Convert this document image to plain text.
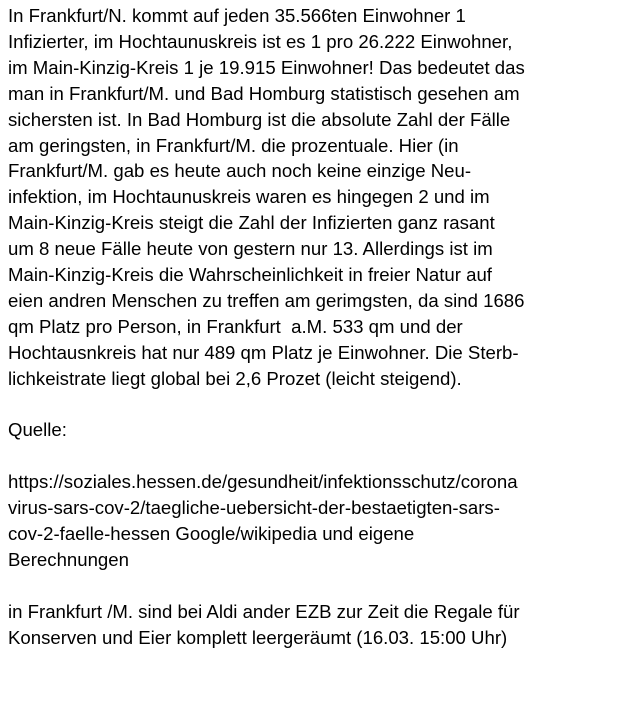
In Frankfurt/N. kommt auf jeden 35.566ten Einwohner 1
Infizierter, im Hochtaunuskreis ist es 1 pro 26.222 Einwohner,
im Main-Kinzig-Kreis 1 je 19.915 Einwohner! Das bedeutet das
man in Frankfurt/M. und Bad Homburg statistisch gesehen am
sichersten ist. In Bad Homburg ist die absolute Zahl der Fälle
am geringsten, in Frankfurt/M. die prozentuale. Hier (in
Frankfurt/M. gab es heute auch noch keine einzige Neu-
infektion, im Hochtaunuskreis waren es hingegen 2 und im
Main-Kinzig-Kreis steigt die Zahl der Infizierten ganz rasant
um 8 neue Fälle heute von gestern nur 13. Allerdings ist im
Main-Kinzig-Kreis die Wahrscheinlichkeit in freier Natur auf
eien andren Menschen zu treffen am gerimgsten, da sind 1686
qm Platz pro Person, in Frankfurt  a.M. 533 qm und der
Hochtausnkreis hat nur 489 qm Platz je Einwohner. Die Sterb-
lichkeistrate liegt global bei 2,6 Prozet (leicht steigend).
Quelle:
https://soziales.hessen.de/gesundheit/infektionsschutz/corona
virus-sars-cov-2/taegliche-uebersicht-der-bestaetigten-sars-
cov-2-faelle-hessen Google/wikipedia und eigene
Berechnungen
in Frankfurt /M. sind bei Aldi ander EZB zur Zeit die Regale für
Konserven und Eier komplett leergeräumt (16.03. 15:00 Uhr)
